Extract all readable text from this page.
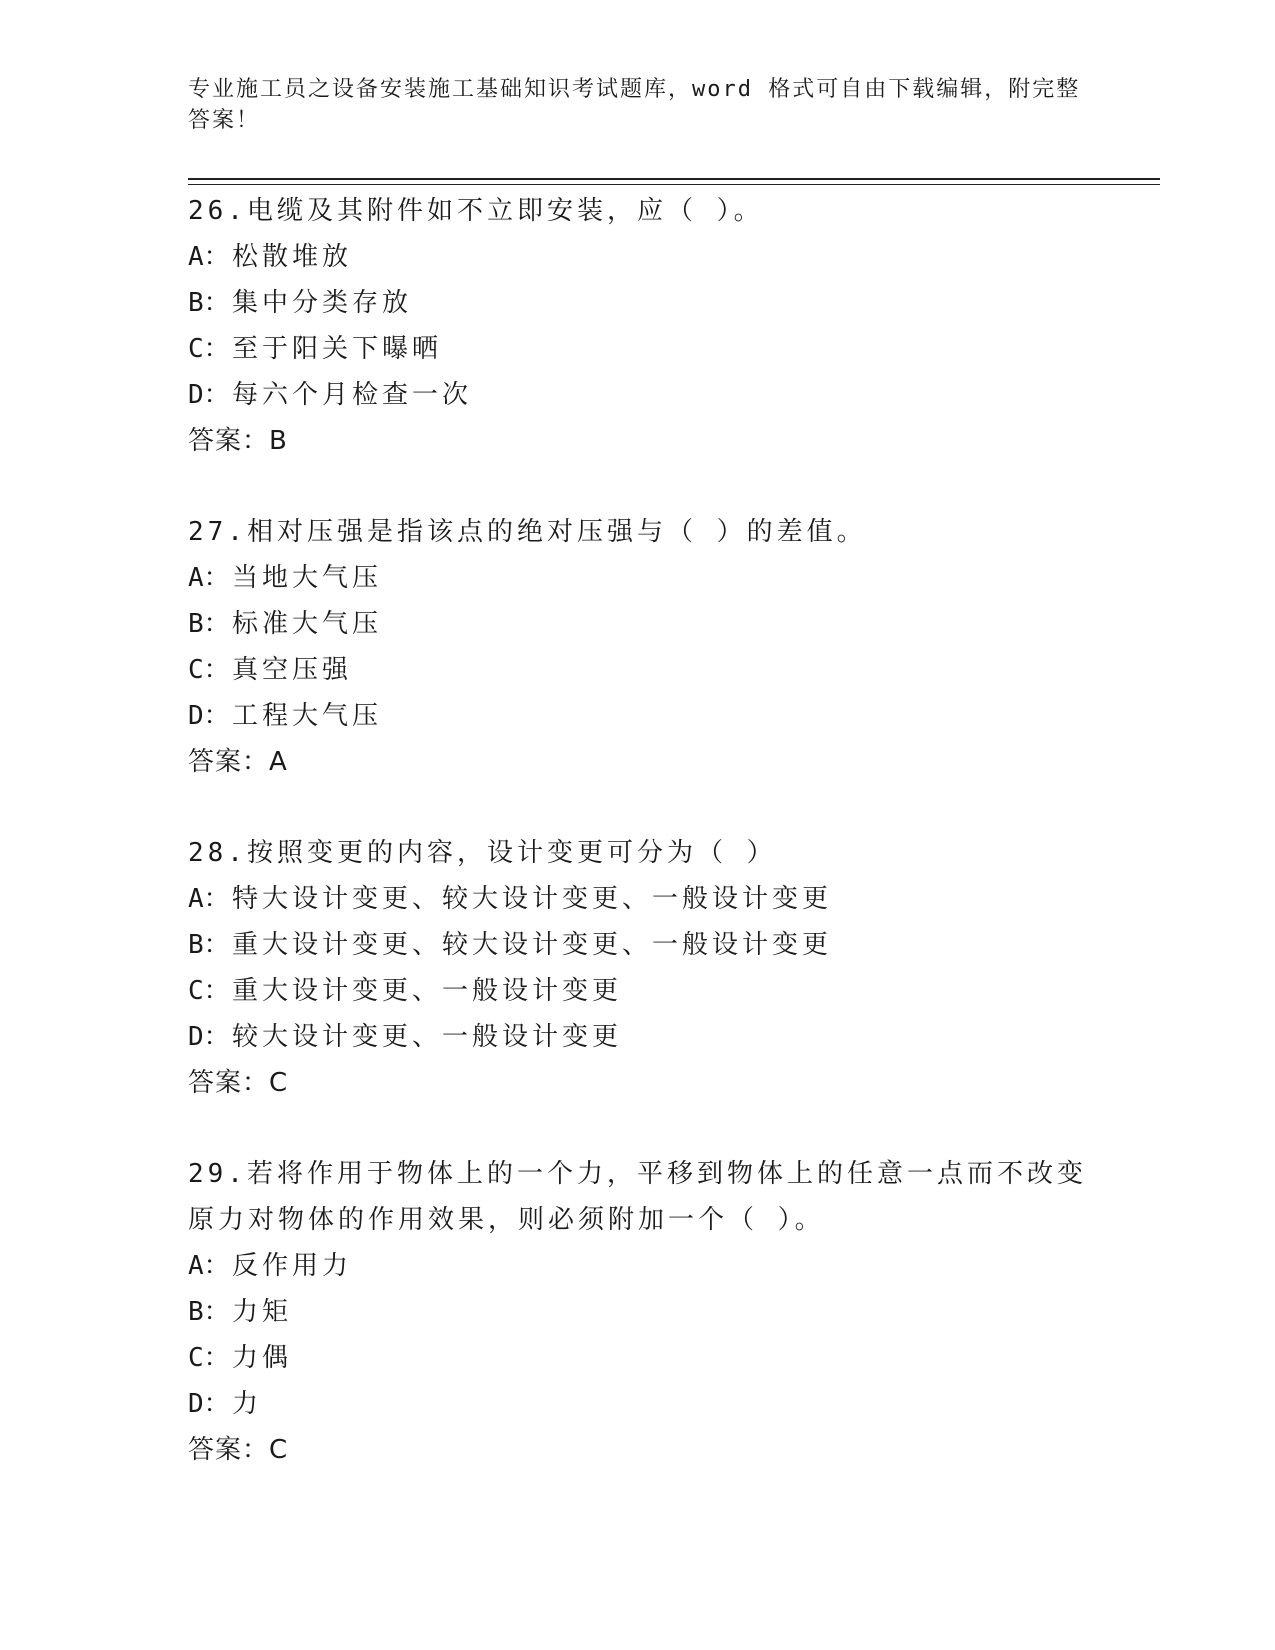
专业施工员之设备安装施工基础知识考试题库，word 格式可自由下载编辑，附完整答案！

26.电缆及其附件如不立即安装，应（ ）。

A：松散堆放

B：集中分类存放

C：至于阳关下曝晒

D：每六个月检查一次

答案：B

27.相对压强是指该点的绝对压强与（ ）的差值。

A：当地大气压

B：标准大气压

C：真空压强

D：工程大气压

答案：A

28.按照变更的内容，设计变更可分为（ ）

A：特大设计变更、较大设计变更、一般设计变更

B：重大设计变更、较大设计变更、一般设计变更

C：重大设计变更、一般设计变更

D：较大设计变更、一般设计变更

答案：C

29.若将作用于物体上的一个力，平移到物体上的任意一点而不改变原力对物体的作用效果，则必须附加一个（ ）。

A：反作用力

B：力矩

C：力偶

D：力

答案：C
